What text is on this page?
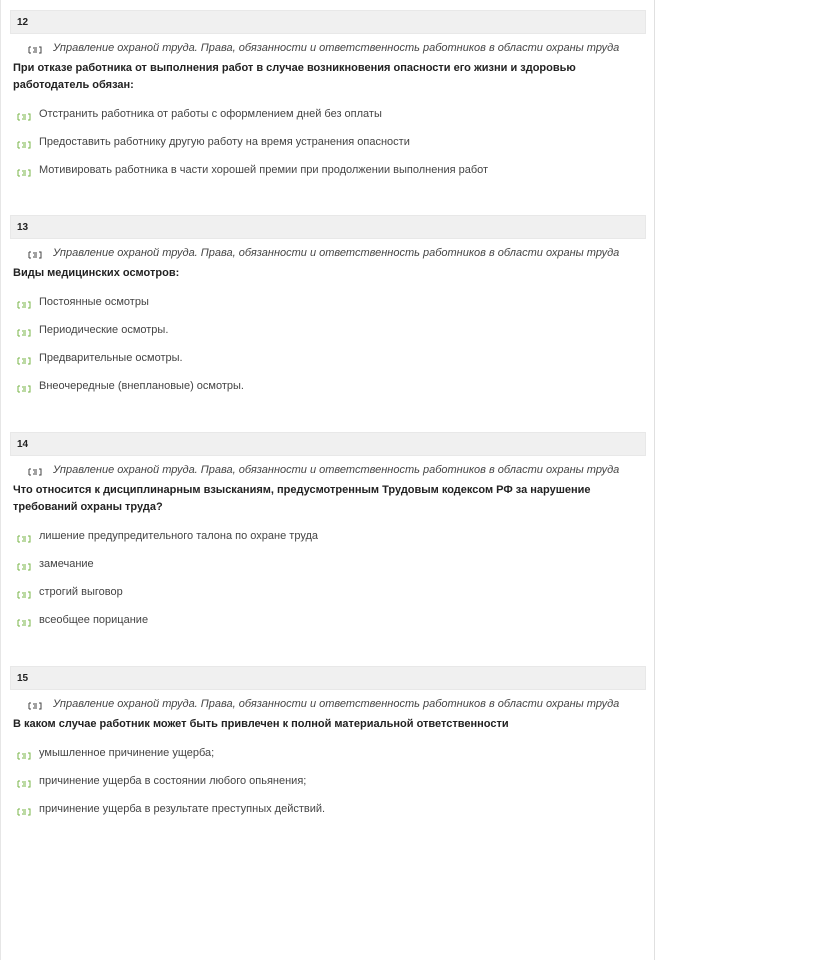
12
Управление охраной труда. Права, обязанности и ответственность работников в области охраны труда
При отказе работника от выполнения работ в случае возникновения опасности его жизни и здоровью работодатель обязан:
Отстранить работника от работы с оформлением дней без оплаты
Предоставить работнику другую работу на время устранения опасности
Мотивировать работника в части хорошей премии при продолжении выполнения работ
13
Управление охраной труда. Права, обязанности и ответственность работников в области охраны труда
Виды медицинских осмотров:
Постоянные осмотры
Периодические осмотры.
Предварительные осмотры.
Внеочередные (внеплановые) осмотры.
14
Управление охраной труда. Права, обязанности и ответственность работников в области охраны труда
Что относится к дисциплинарным взысканиям, предусмотренным Трудовым кодексом РФ за нарушение требований охраны труда?
лишение предупредительного талона по охране труда
замечание
строгий выговор
всеобщее порицание
15
Управление охраной труда. Права, обязанности и ответственность работников в области охраны труда
В каком случае работник может быть привлечен к полной материальной ответственности
умышленное причинение ущерба;
причинение ущерба в состоянии любого опьянения;
причинение ущерба в результате преступных действий.
